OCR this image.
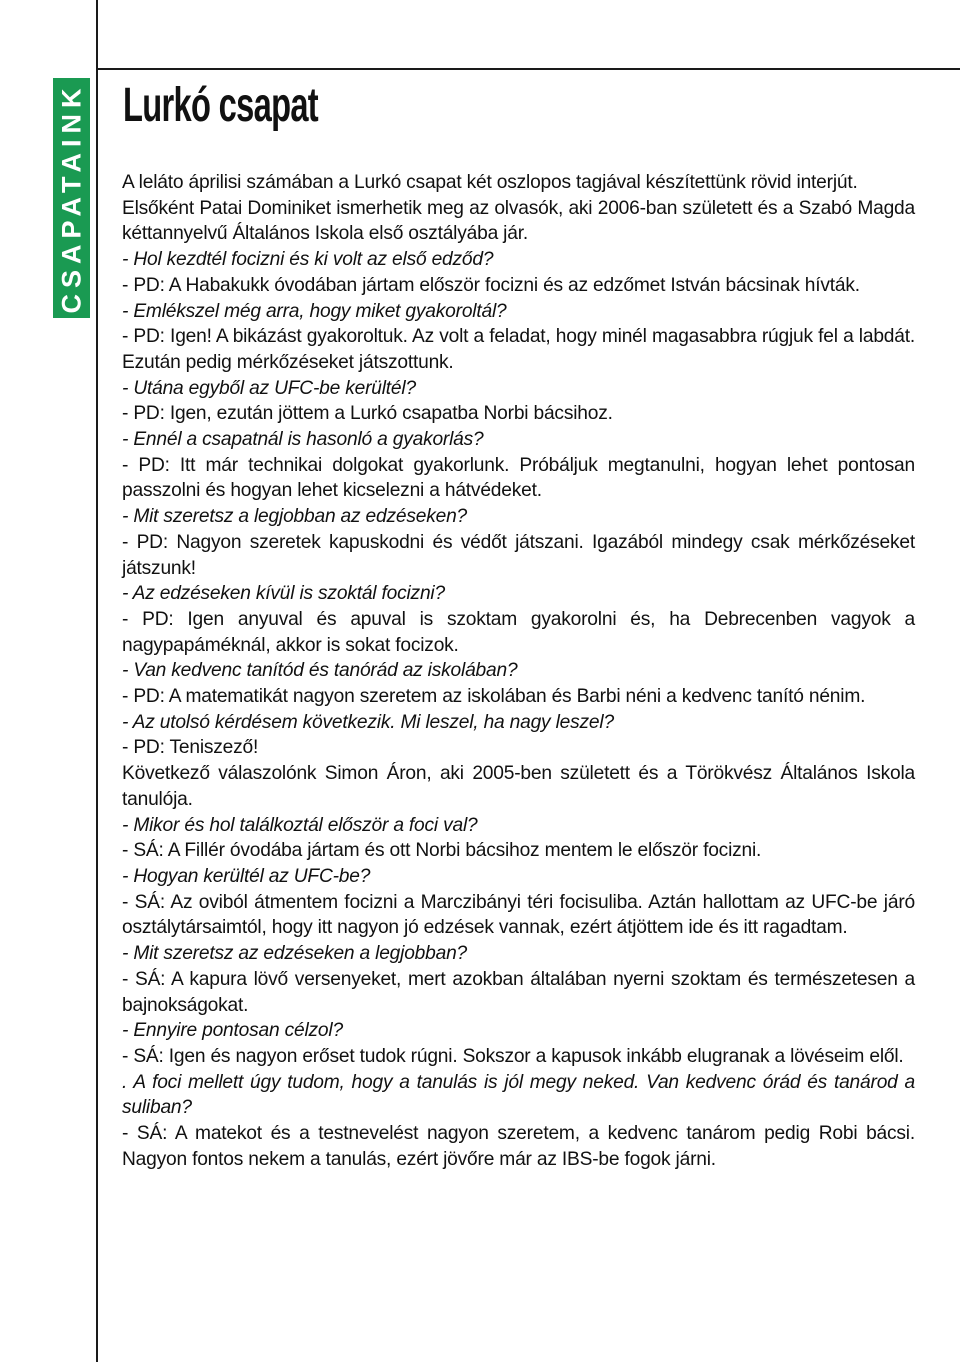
CSAPATAINK Lurkó csapat

A leláto áprilisi számában a Lurkó csapat két oszlopos tagjával készítettünk rövid interjút.

Elsőként Patai Dominiket ismerhetik meg az olvasók, aki 2006-ban született és a Szabó Magda kéttannyelvű Általános Iskola első osztályába jár.

- Hol kezdtél focizni és ki volt az első edződ?

- PD: A Habakukk óvodában jártam először focizni és az edzőmet István bácsinak hívták.

- Emlékszel még arra, hogy miket gyakoroltál?

- PD: Igen! A bikázást gyakoroltuk. Az volt a feladat, hogy minél magasabbra rúgjuk fel a labdát. Ezután pedig mérkőzéseket játszottunk.

- Utána egyből az UFC-be kerültél?

- PD: Igen, ezután jöttem a Lurkó csapatba Norbi bácsihoz.

- Ennél a csapatnál is hasonló a gyakorlás?

- PD: Itt már technikai dolgokat gyakorlunk. Próbáljuk megtanulni, hogyan lehet pontosan passzolni és hogyan lehet kicselezni a hátvédeket.

- Mit szeretsz a legjobban az edzéseken?

- PD: Nagyon szeretek kapuskodni és védőt játszani. Igazából mindegy csak mérkőzéseket játszunk!

- Az edzéseken kívül is szoktál focizni?

- PD: Igen anyuval és apuval is szoktam gyakorolni és, ha Debrecenben vagyok a nagypapáméknál, akkor is sokat focizok.

- Van kedvenc tanítód és tanórád az iskolában?

- PD: A matematikát nagyon szeretem az iskolában és Barbi néni a kedvenc tanító nénim.

- Az utolsó kérdésem következik. Mi leszel, ha nagy leszel?

- PD: Teniszező!

Következő válaszolónk Simon Áron, aki 2005-ben született és a Törökvész Általános Iskola tanulója.

- Mikor és hol találkoztál először a foci val?

- SÁ: A Fillér óvodába jártam és ott Norbi bácsihoz mentem le először focizni.

- Hogyan kerültél az UFC-be?

- SÁ: Az oviból átmentem focizni a Marczibányi téri focisuliba. Aztán hallottam az UFC-be járó osztálytársaimtól, hogy itt nagyon jó edzések vannak, ezért átjöttem ide és itt ragadtam.

- Mit szeretsz az edzéseken a legjobban?

- SÁ: A kapura lövő versenyeket, mert azokban általában nyerni szoktam és természetesen a bajnokságokat.

- Ennyire pontosan célzol?

- SÁ: Igen és nagyon erőset tudok rúgni. Sokszor a kapusok inkább elugranak a lövéseim elől.

. A foci mellett úgy tudom, hogy a tanulás is jól megy neked. Van kedvenc órád és tanárod a suliban?

- SÁ: A matekot és a testnevelést nagyon szeretem, a kedvenc tanárom pedig Robi bácsi. Nagyon fontos nekem a tanulás, ezért jövőre már az IBS-be fogok járni.
